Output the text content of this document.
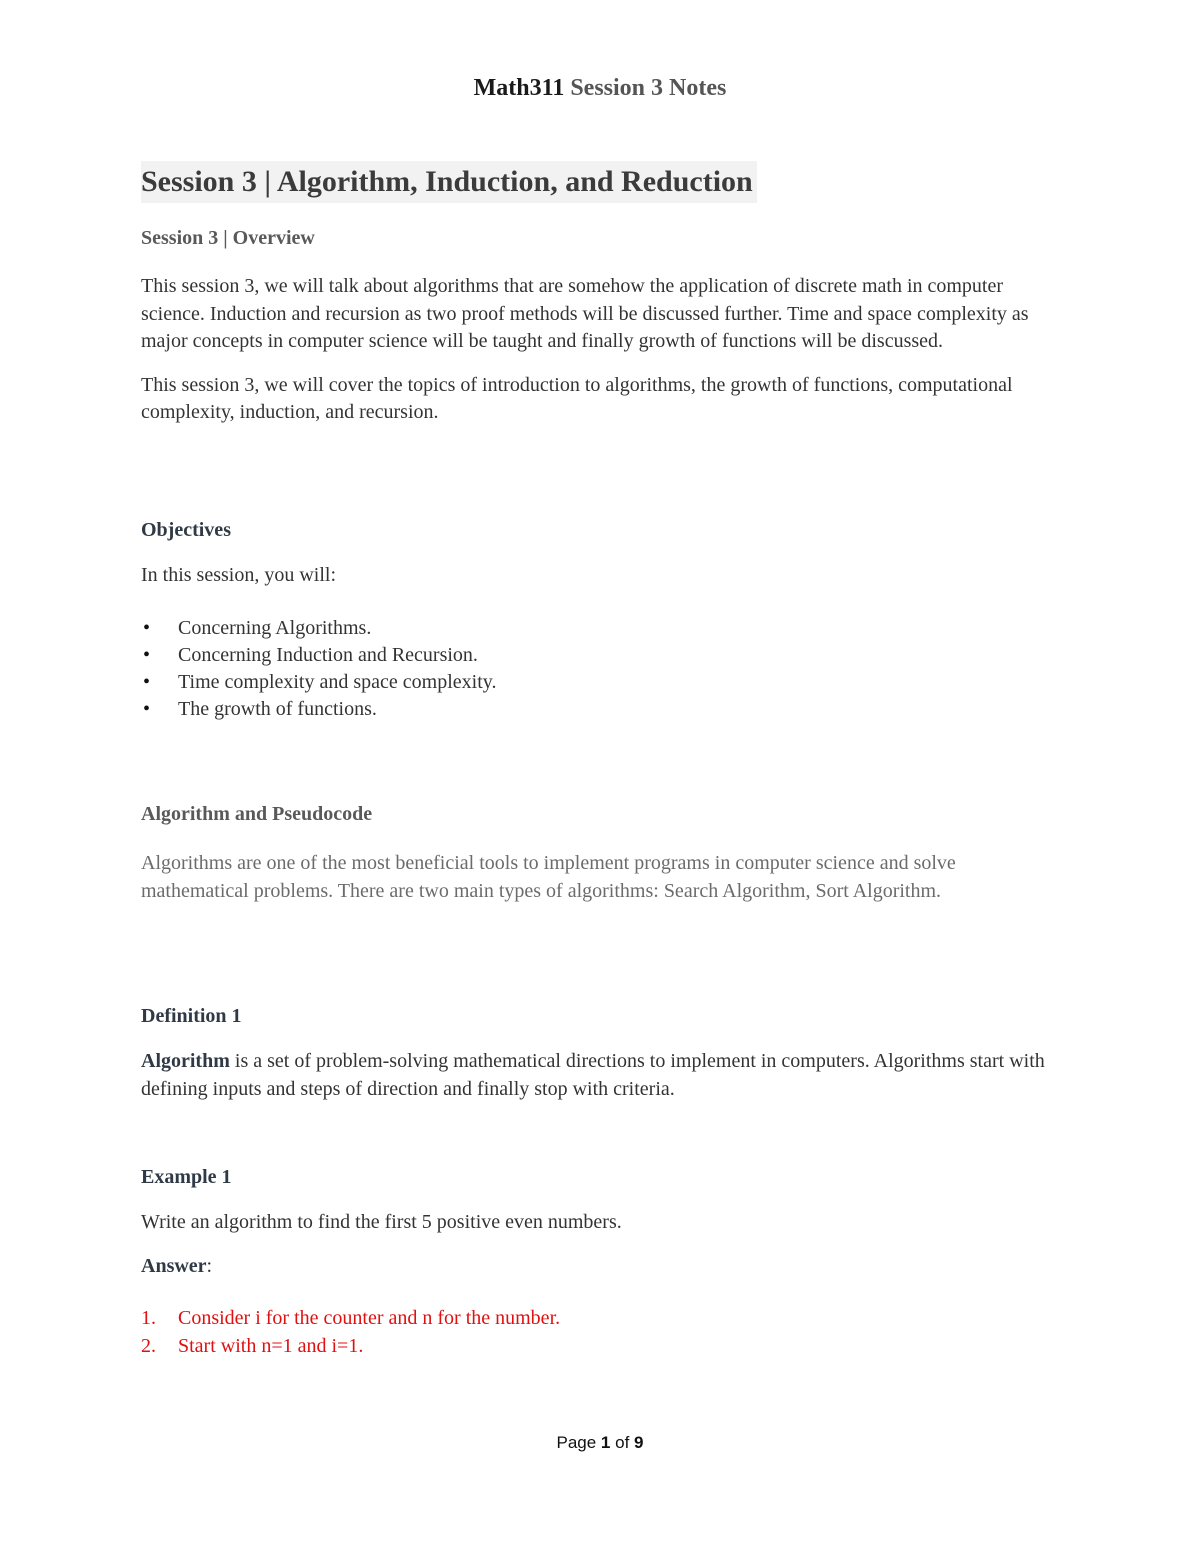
Math311 Session 3 Notes
Session 3 | Algorithm, Induction, and Reduction

Session 3 | Overview

This session 3, we will talk about algorithms that are somehow the application of discrete math in computer science. Induction and recursion as two proof methods will be discussed further. Time and space complexity as major concepts in computer science will be taught and finally growth of functions will be discussed.

This session 3, we will cover the topics of introduction to algorithms, the growth of functions, computational complexity, induction, and recursion.

Objectives

In this session, you will:

• Concerning Algorithms.
• Concerning Induction and Recursion.
• Time complexity and space complexity.
• The growth of functions.

Algorithm and Pseudocode

Algorithms are one of the most beneficial tools to implement programs in computer science and solve mathematical problems. There are two main types of algorithms: Search Algorithm, Sort Algorithm.

Definition 1

Algorithm is a set of problem-solving mathematical directions to implement in computers. Algorithms start with defining inputs and steps of direction and finally stop with criteria.

Example 1

Write an algorithm to find the first 5 positive even numbers.

Answer:

1. Consider i for the counter and n for the number.
2. Start with n=1 and i=1.
Page 1 of 9
